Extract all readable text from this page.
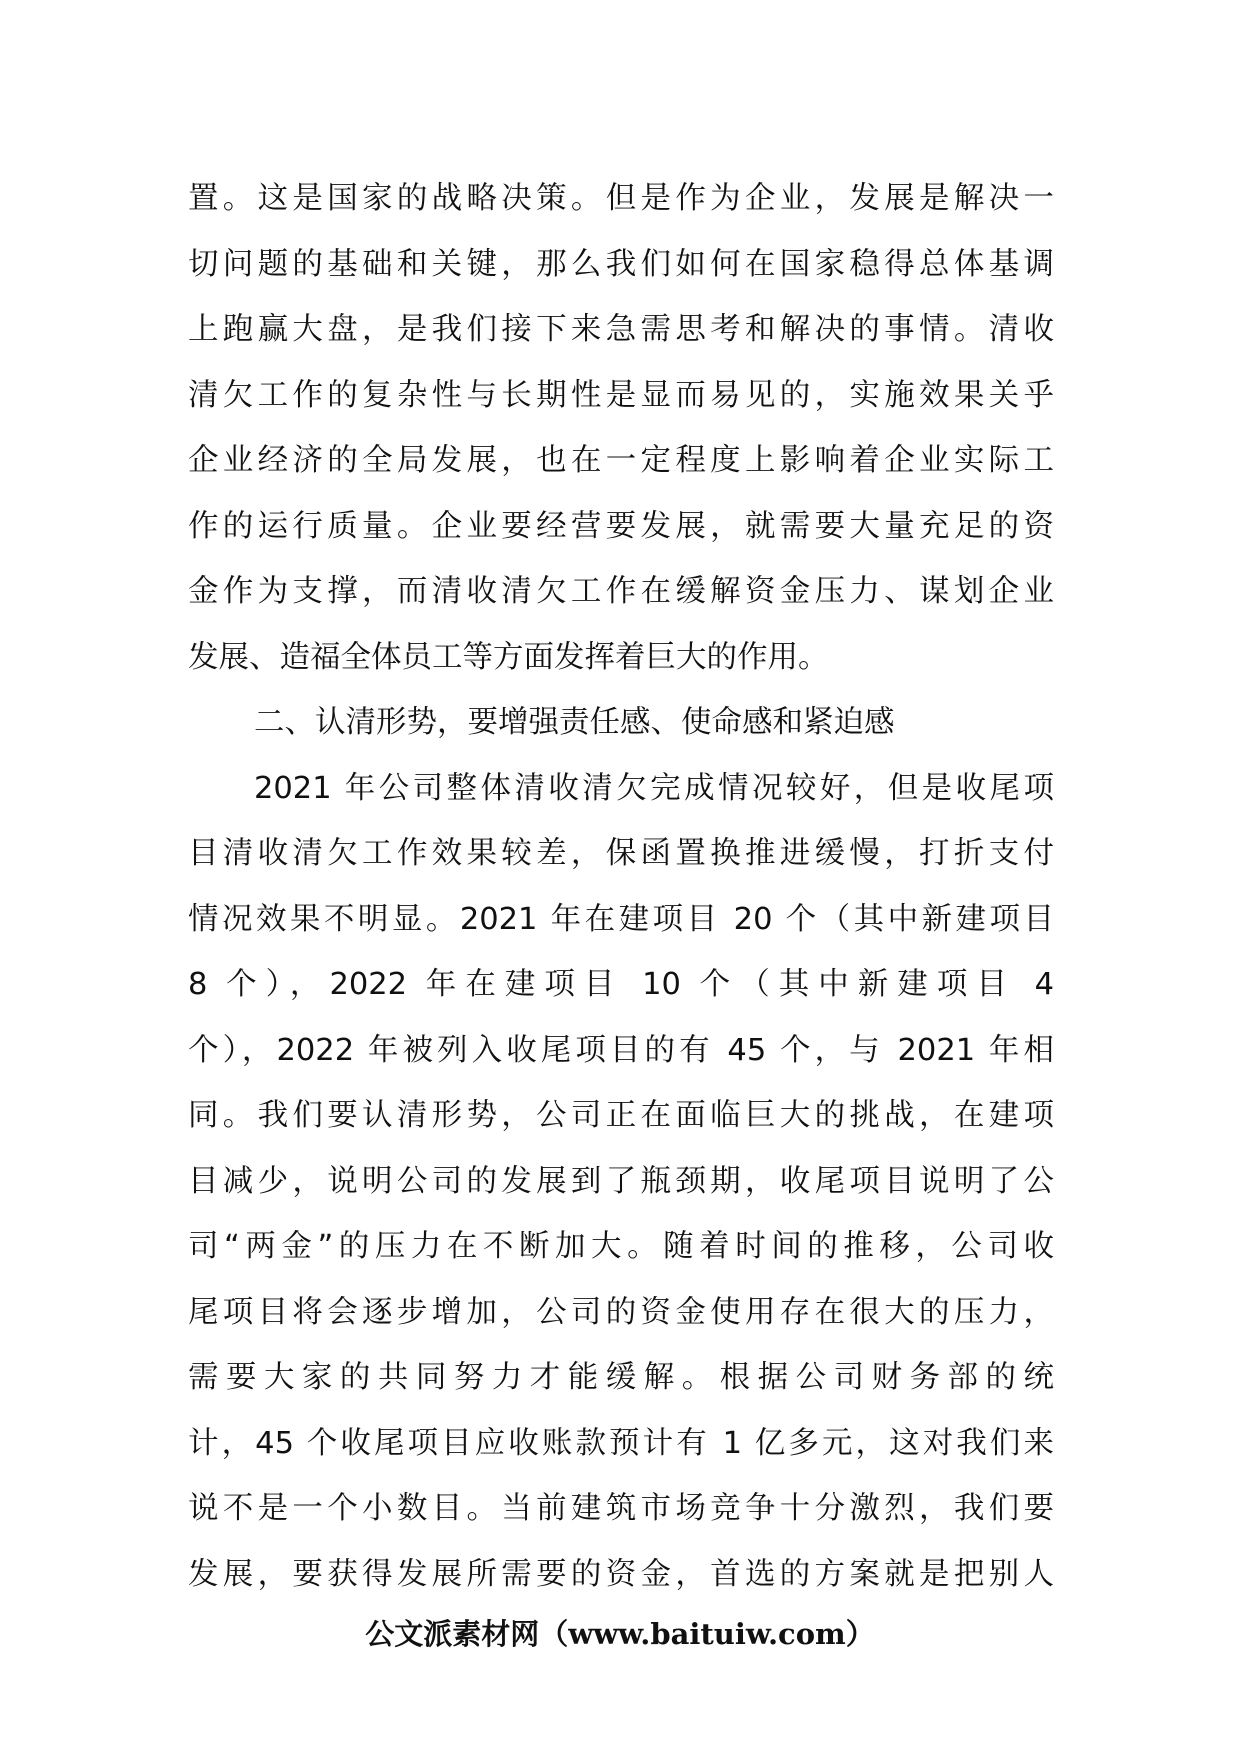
置。这是国家的战略决策。但是作为企业，发展是解决一
切问题的基础和关键，那么我们如何在国家稳得总体基调
上跑赢大盘，是我们接下来急需思考和解决的事情。清收
清欠工作的复杂性与长期性是显而易见的，实施效果关乎
企业经济的全局发展，也在一定程度上影响着企业实际工
作的运行质量。企业要经营要发展，就需要大量充足的资
金作为支撑，而清收清欠工作在缓解资金压力、谋划企业
发展、造福全体员工等方面发挥着巨大的作用。
二、认清形势，要增强责任感、使命感和紧迫感
2021 年公司整体清收清欠完成情况较好，但是收尾项
目清收清欠工作效果较差，保函置换推进缓慢，打折支付
情况效果不明显。2021 年在建项目 20 个（其中新建项目
8 个），2022 年在建项目 10 个（其中新建项目 4
个），2022 年被列入收尾项目的有 45 个，与 2021 年相
同。我们要认清形势，公司正在面临巨大的挑战，在建项
目减少，说明公司的发展到了瓶颈期，收尾项目说明了公
司“两金”的压力在不断加大。随着时间的推移，公司收
尾项目将会逐步增加，公司的资金使用存在很大的压力，
需要大家的共同努力才能缓解。根据公司财务部的统
计，45 个收尾项目应收账款预计有 1 亿多元，这对我们来
说不是一个小数目。当前建筑市场竞争十分激烈，我们要
发展，要获得发展所需要的资金，首选的方案就是把别人
公文派素材网（www.baituiw.com）
